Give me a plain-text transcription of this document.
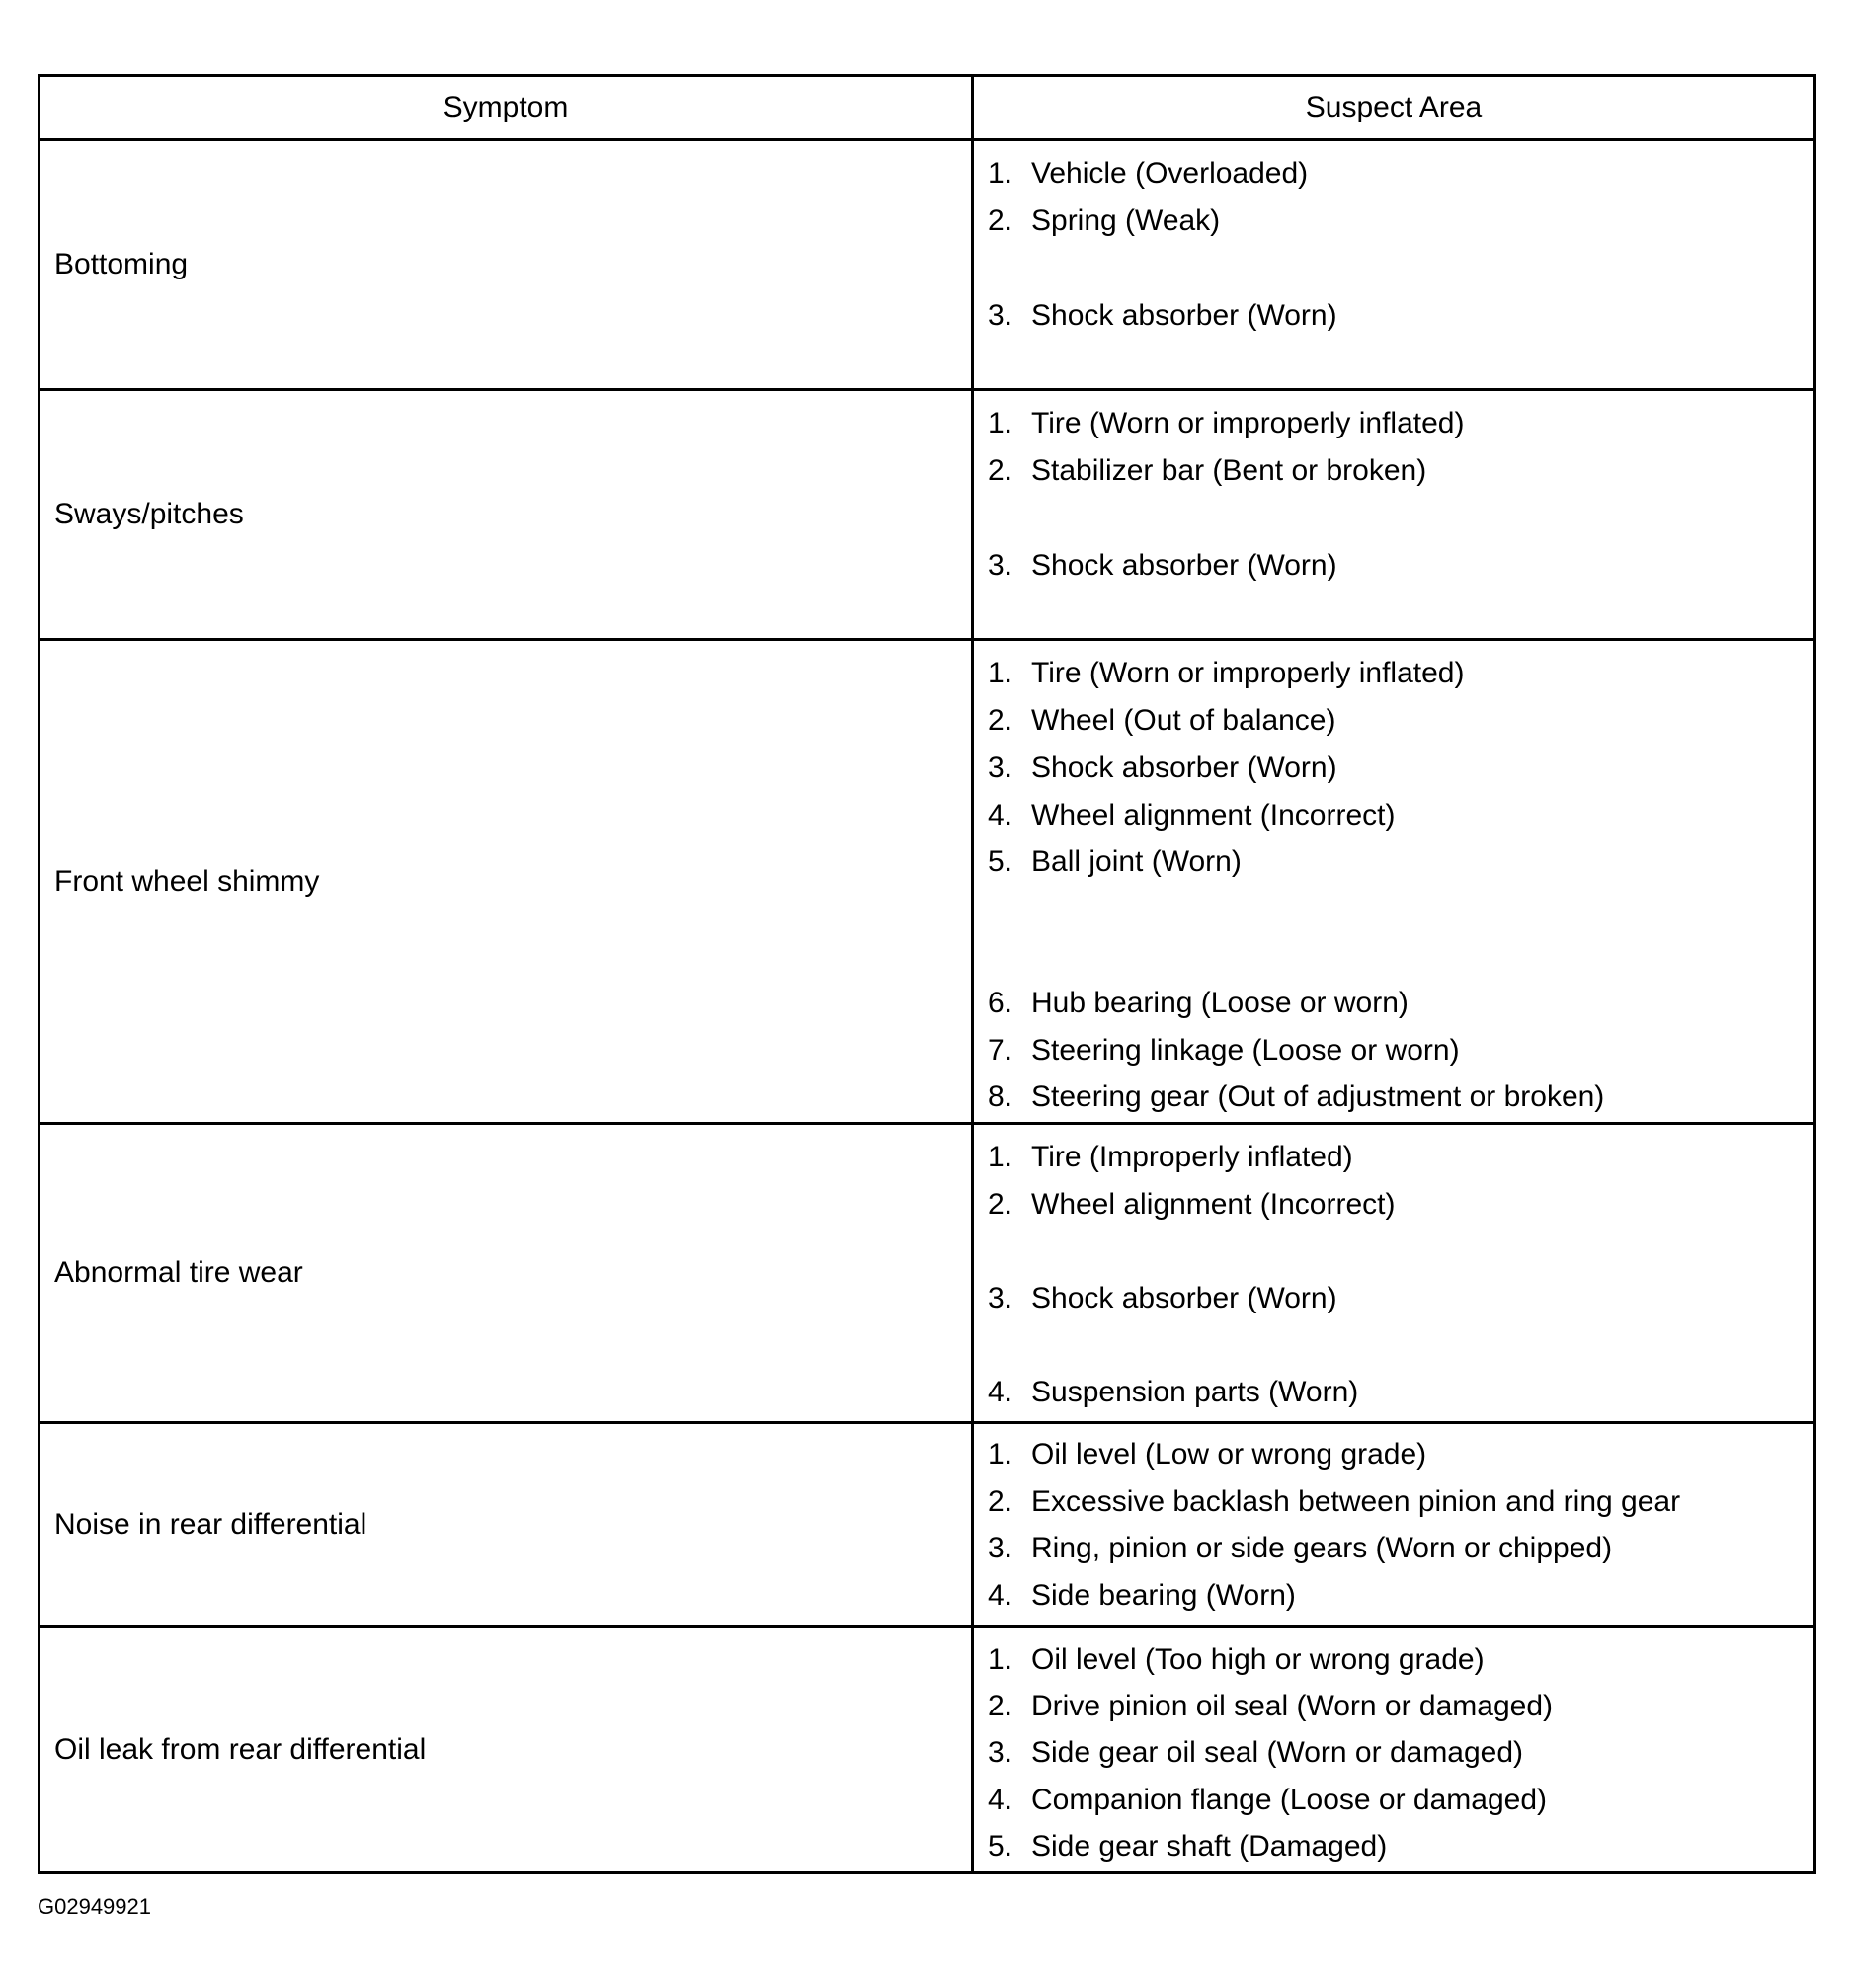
Symptom	Suspect Area
Bottoming
1. Vehicle (Overloaded)
2. Spring (Weak)
3. Shock absorber (Worn)
Sways/pitches
1. Tire (Worn or improperly inflated)
2. Stabilizer bar (Bent or broken)
3. Shock absorber (Worn)
Front wheel shimmy
1. Tire (Worn or improperly inflated)
2. Wheel (Out of balance)
3. Shock absorber (Worn)
4. Wheel alignment (Incorrect)
5. Ball joint (Worn)
6. Hub bearing (Loose or worn)
7. Steering linkage (Loose or worn)
8. Steering gear (Out of adjustment or broken)
Abnormal tire wear
1. Tire (Improperly inflated)
2. Wheel alignment (Incorrect)
3. Shock absorber (Worn)
4. Suspension parts (Worn)
Noise in rear differential
1. Oil level (Low or wrong grade)
2. Excessive backlash between pinion and ring gear
3. Ring, pinion or side gears (Worn or chipped)
4. Side bearing (Worn)
Oil leak from rear differential
1. Oil level (Too high or wrong grade)
2. Drive pinion oil seal (Worn or damaged)
3. Side gear oil seal (Worn or damaged)
4. Companion flange (Loose or damaged)
5. Side gear shaft (Damaged)
G02949921
